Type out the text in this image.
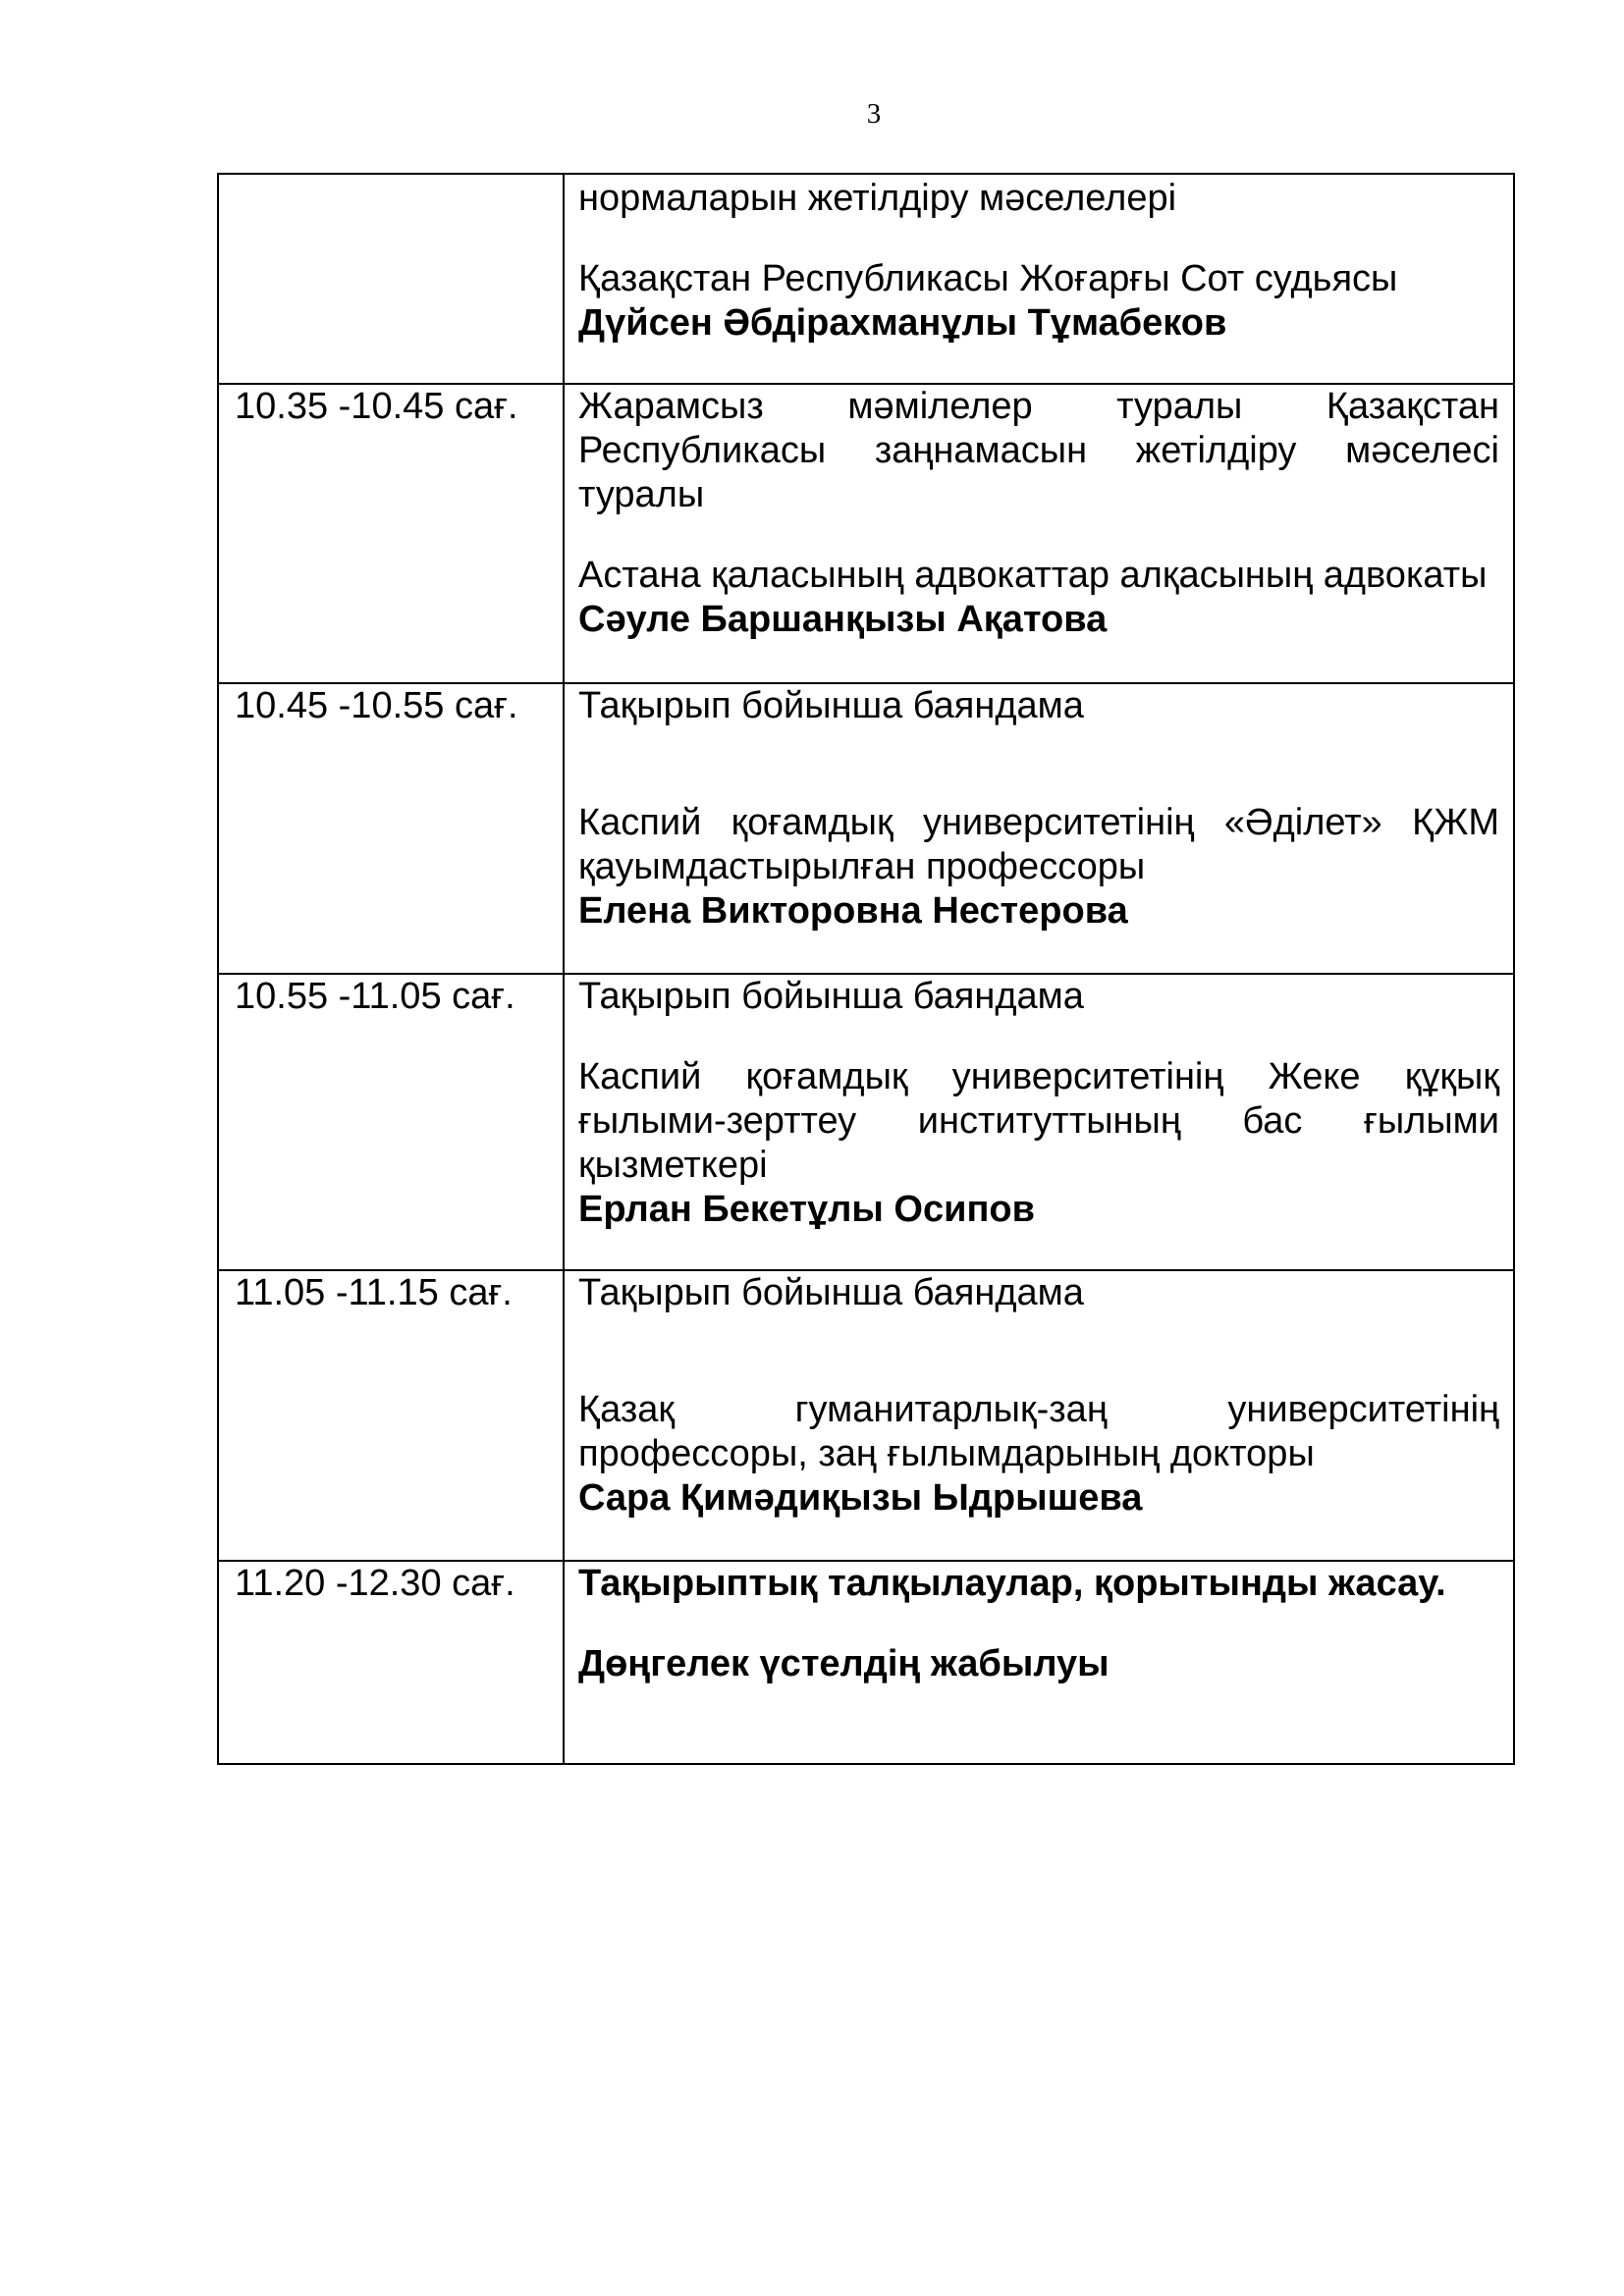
3

	нормаларын жетілдіру мәселелері
Қазақстан Республикасы Жоғарғы Сот судьясы
Дүйсен Әбдірахманұлы Тұмабеков

10.35 -10.45 сағ.	Жарамсыз мәмілелер туралы Қазақстан Республикасы заңнамасын жетілдіру мәселесі туралы
Астана қаласының адвокаттар алқасының адвокаты
Сәуле Баршанқызы Ақатова

10.45 -10.55 сағ.	Тақырып бойынша баяндама
Каспий қоғамдық университетінің «Әділет» ҚЖМ қауымдастырылған профессоры
Елена Викторовна Нестерова

10.55 -11.05 сағ.	Тақырып бойынша баяндама
Каспий қоғамдық университетінің Жеке құқық ғылыми-зерттеу институттының бас ғылыми қызметкері
Ерлан Бекетұлы Осипов

11.05 -11.15 сағ.	Тақырып бойынша баяндама
Қазақ гуманитарлық-заң университетінің профессоры, заң ғылымдарының докторы
Сара Қимәдиқызы Ыдрышева

11.20 -12.30 сағ.	Тақырыптық талқылаулар, қорытынды жасау.
Дөңгелек үстелдің жабылуы
